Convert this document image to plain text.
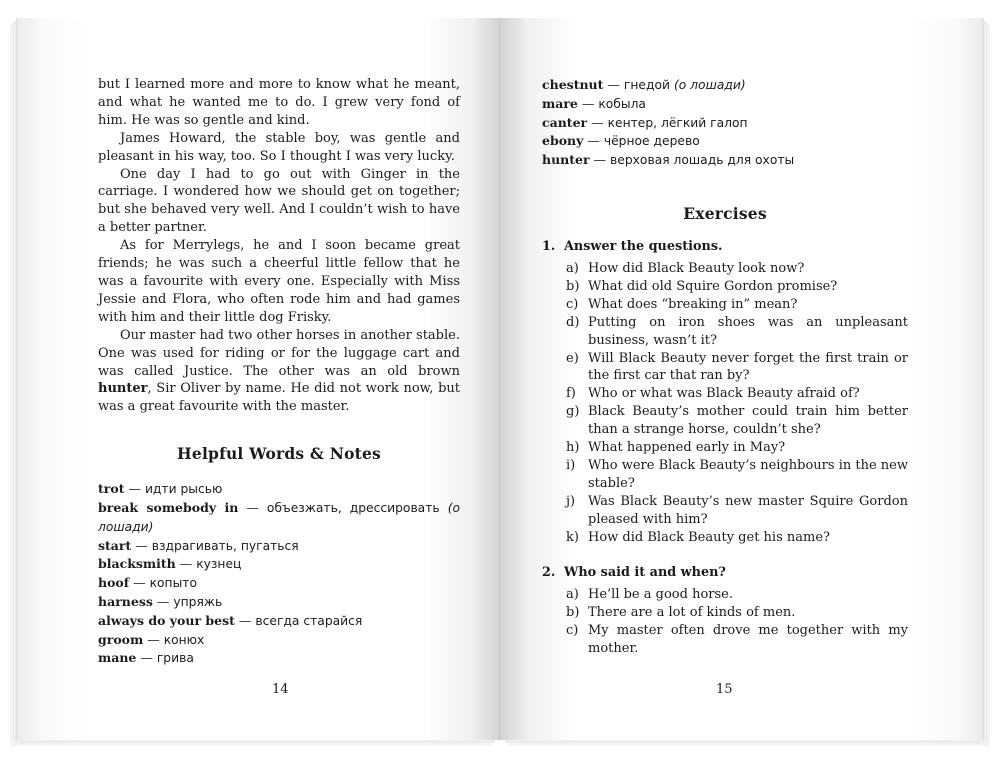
but I learned more and more to know what he meant, and what he wanted me to do. I grew very fond of him. He was so gentle and kind.

James Howard, the stable boy, was gentle and pleasant in his way, too. So I thought I was very lucky.

One day I had to go out with Ginger in the carriage. I wondered how we should get on together; but she behaved very well. And I couldn’t wish to have a better partner.

As for Merrylegs, he and I soon became great friends; he was such a cheerful little fellow that he was a favourite with every one. Especially with Miss Jessie and Flora, who often rode him and had games with him and their little dog Frisky.

Our master had two other horses in another stable. One was used for riding or for the luggage cart and was called Justice. The other was an old brown hunter, Sir Oliver by name. He did not work now, but was a great favourite with the master.

Helpful Words & Notes
trot — идти рысью
break somebody in — объезжать, дрессировать (о лошади)
start — вздрагивать, пугаться
blacksmith — кузнец
hoof — копыто
harness — упряжь
always do your best — всегда старайся
groom — конюх
mane — грива
14
chestnut — гнедой (о лошади)
mare — кобыла
canter — кентер, лёгкий галоп
ebony — чёрное дерево
hunter — верховая лошадь для охоты
Exercises
1. Answer the questions.
a) How did Black Beauty look now?
b) What did old Squire Gordon promise?
c) What does “breaking in” mean?
d) Putting on iron shoes was an unpleasant business, wasn’t it?
e) Will Black Beauty never forget the first train or the first car that ran by?
f) Who or what was Black Beauty afraid of?
g) Black Beauty’s mother could train him better than a strange horse, couldn’t she?
h) What happened early in May?
i) Who were Black Beauty’s neighbours in the new stable?
j) Was Black Beauty’s new master Squire Gordon pleased with him?
k) How did Black Beauty get his name?
2. Who said it and when?
a) He’ll be a good horse.
b) There are a lot of kinds of men.
c) My master often drove me together with my mother.
15
